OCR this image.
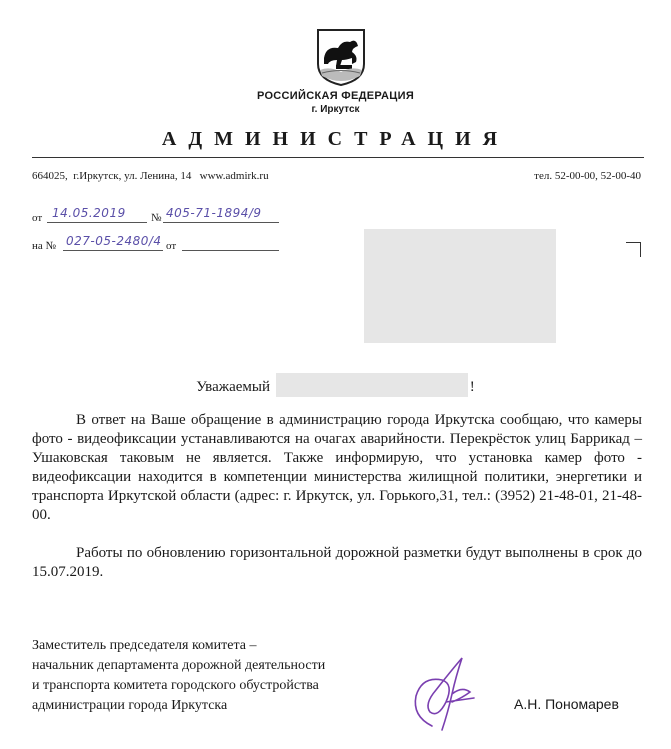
РОССИЙСКАЯ ФЕДЕРАЦИЯ
г. Иркутск
АДМИНИСТРАЦИЯ
664025,  г.Иркутск, ул. Ленина, 14   www.admirk.ru	тел. 52-00-00, 52-00-40
от 14.05.2019 № 405-71-1894/9
на № 027-05-2480/4 от
Уважаемый	!
В ответ на Ваше обращение в администрацию города Иркутска сообщаю, что камеры фото - видеофиксации устанавливаются на очагах аварийности. Перекрёсток улиц Баррикад – Ушаковская таковым не является. Также информирую, что установка камер фото - видеофиксации находится в компетенции министерства жилищной политики, энергетики и транспорта Иркутской области (адрес: г. Иркутск, ул. Горького,31, тел.: (3952) 21-48-01, 21-48-00.
Работы по обновлению горизонтальной дорожной разметки будут выполнены в срок до 15.07.2019.
Заместитель председателя комитета –
начальник департамента дорожной деятельности
и транспорта комитета городского обустройства
администрации города Иркутска	А.Н. Пономарев
